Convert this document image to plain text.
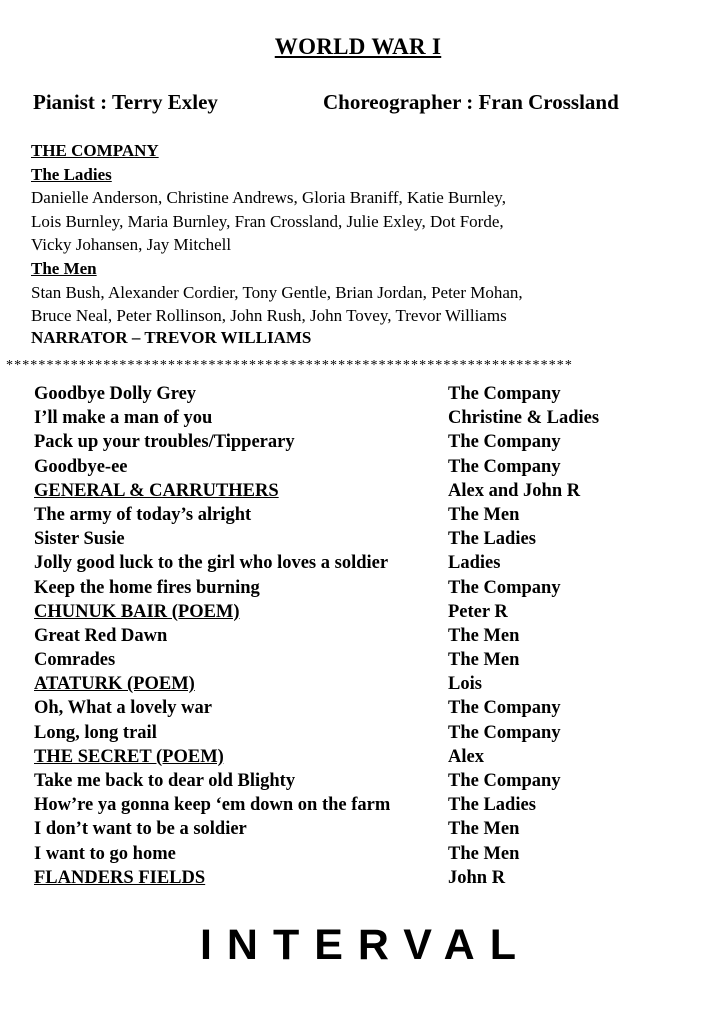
WORLD WAR I
Pianist : Terry Exley	Choreographer : Fran Crossland
THE COMPANY
The Ladies
Danielle Anderson, Christine Andrews, Gloria Braniff, Katie Burnley,
Lois Burnley, Maria Burnley, Fran Crossland, Julie Exley, Dot Forde,
Vicky Johansen, Jay Mitchell
The Men
Stan Bush, Alexander Cordier, Tony Gentle, Brian Jordan, Peter Mohan,
Bruce Neal, Peter Rollinson, John Rush, John Tovey, Trevor Williams
NARRATOR – TREVOR WILLIAMS
**********************************************************************
Goodbye Dolly Grey	The Company
I’ll make a man of you	Christine & Ladies
Pack up your troubles/Tipperary	The Company
Goodbye-ee	The Company
GENERAL & CARRUTHERS	Alex and John R
The army of today’s alright	The Men
Sister Susie	The Ladies
Jolly good luck to the girl who loves a soldier	Ladies
Keep the home fires burning	The Company
CHUNUK BAIR (POEM)	Peter R
Great Red Dawn	The Men
Comrades	The Men
ATATURK (POEM)	Lois
Oh, What a lovely war	The Company
Long, long trail	The Company
THE SECRET (POEM)	Alex
Take me back to dear old Blighty	The Company
How’re ya gonna keep ‘em down on the farm	The Ladies
I don’t want to be a soldier	The Men
I want to go home	The Men
FLANDERS FIELDS	John R
INTERVAL
